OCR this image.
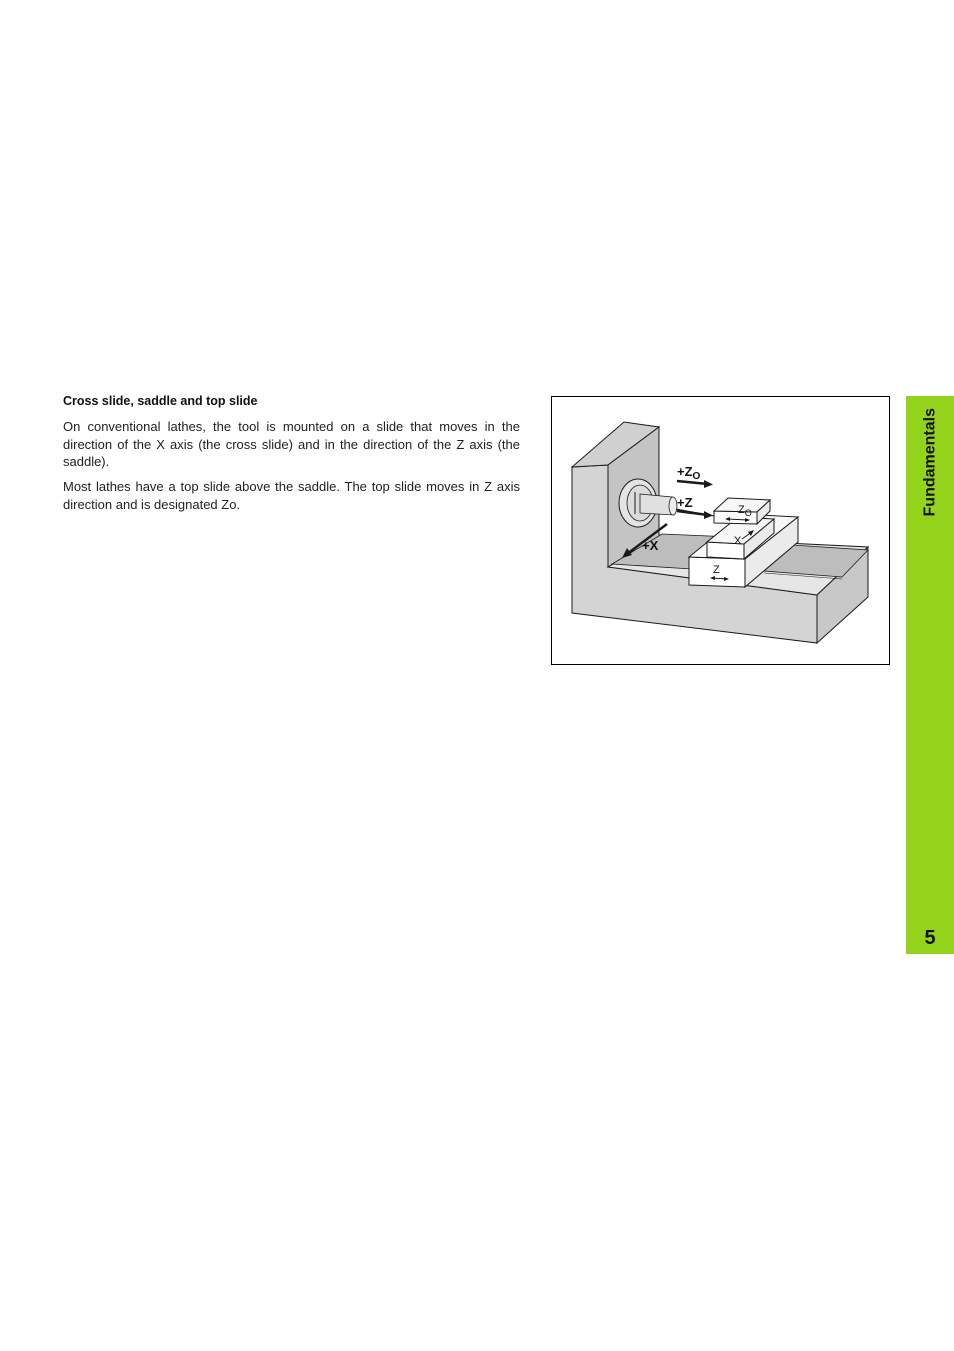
Cross slide, saddle and top slide

On conventional lathes, the tool is mounted on a slide that moves in the direction of the X axis (the cross slide) and in the direction of the Z axis (the saddle).

Most lathes have a top slide above the saddle. The top slide moves in Z axis direction and is designated Zo.

$+Z_O$
+Z
+X
$Z_O$
X
Z
Fundamentals
5
